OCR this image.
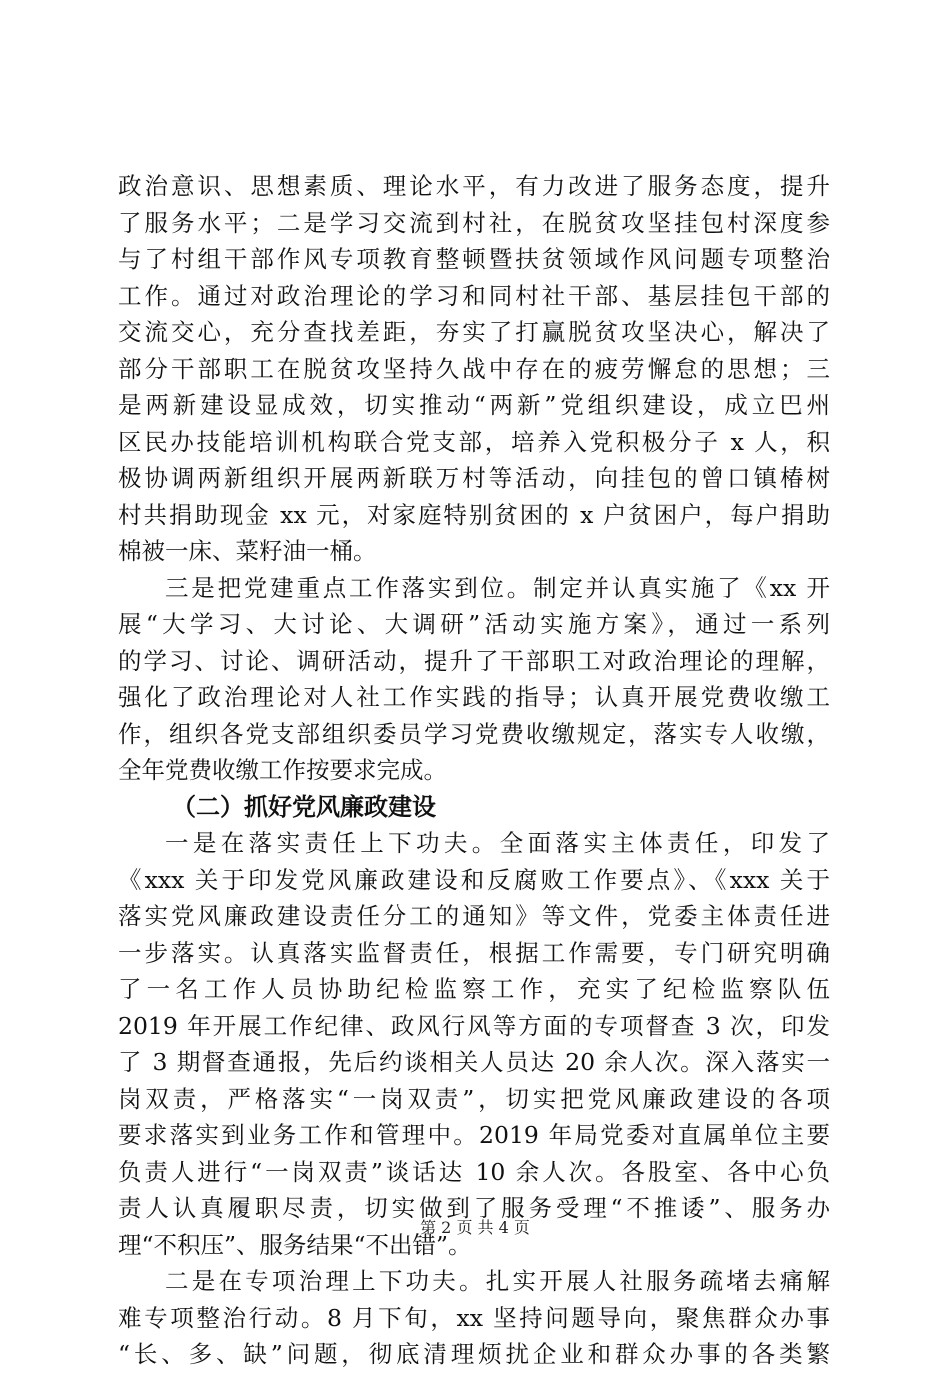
政治意识、思想素质、理论水平，有力改进了服务态度，提升
了服务水平；二是学习交流到村社，在脱贫攻坚挂包村深度参
与了村组干部作风专项教育整顿暨扶贫领域作风问题专项整治
工作。通过对政治理论的学习和同村社干部、基层挂包干部的
交流交心，充分查找差距，夯实了打赢脱贫攻坚决心，解决了
部分干部职工在脱贫攻坚持久战中存在的疲劳懈怠的思想；三
是两新建设显成效，切实推动“两新”党组织建设，成立巴州
区民办技能培训机构联合党支部，培养入党积极分子 x 人，积
极协调两新组织开展两新联万村等活动，向挂包的曾口镇椿树
村共捐助现金 xx 元，对家庭特别贫困的 x 户贫困户，每户捐助
棉被一床、菜籽油一桶。
三是把党建重点工作落实到位。制定并认真实施了《xx 开
展“大学习、大讨论、大调研”活动实施方案》，通过一系列
的学习、讨论、调研活动，提升了干部职工对政治理论的理解，
强化了政治理论对人社工作实践的指导；认真开展党费收缴工
作，组织各党支部组织委员学习党费收缴规定，落实专人收缴，
全年党费收缴工作按要求完成。
（二）抓好党风廉政建设
一是在落实责任上下功夫。全面落实主体责任，印发了
《xxx 关于印发党风廉政建设和反腐败工作要点》、《xxx 关于
落实党风廉政建设责任分工的通知》等文件，党委主体责任进
一步落实。认真落实监督责任，根据工作需要，专门研究明确
了一名工作人员协助纪检监察工作，充实了纪检监察队伍
2019 年开展工作纪律、政风行风等方面的专项督查 3 次，印发
了 3 期督查通报，先后约谈相关人员达 20 余人次。深入落实一
岗双责，严格落实“一岗双责”，切实把党风廉政建设的各项
要求落实到业务工作和管理中。2019 年局党委对直属单位主要
负责人进行“一岗双责”谈话达 10 余人次。各股室、各中心负
责人认真履职尽责，切实做到了服务受理“不推诿”、服务办
理“不积压”、服务结果“不出错”。
二是在专项治理上下功夫。扎实开展人社服务疏堵去痛解
难专项整治行动。8 月下旬，xx 坚持问题导向，聚焦群众办事
“长、多、缺”问题，彻底清理烦扰企业和群众办事的各类繁
第 2 页 共 4 页
